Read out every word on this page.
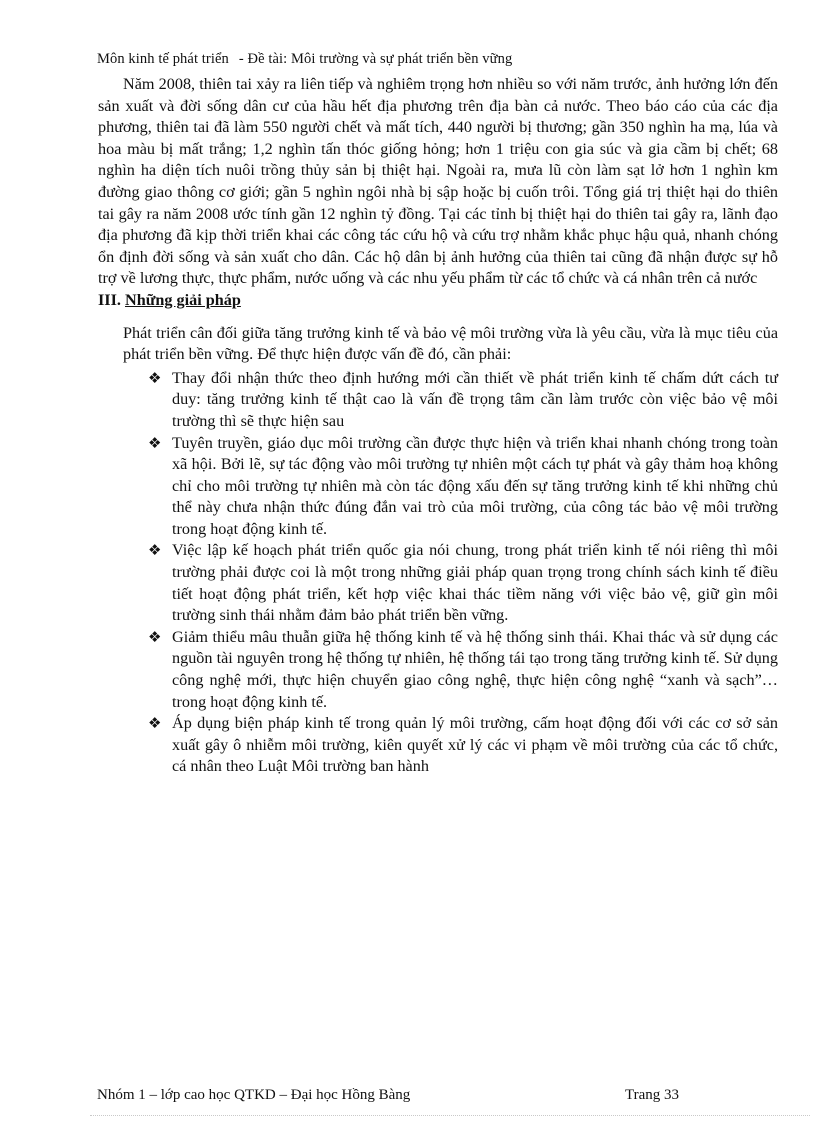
Môn kinh tế phát triển - Đề tài: Môi trường và sự phát triển bền vững

Năm 2008, thiên tai xảy ra liên tiếp và nghiêm trọng hơn nhiều so với năm trước, ảnh hưởng lớn đến sản xuất và đời sống dân cư của hầu hết địa phương trên địa bàn cả nước. Theo báo cáo của các địa phương, thiên tai đã làm 550 người chết và mất tích, 440 người bị thương; gần 350 nghìn ha mạ, lúa và hoa màu bị mất trắng; 1,2 nghìn tấn thóc giống hỏng; hơn 1 triệu con gia súc và gia cầm bị chết; 68 nghìn ha diện tích nuôi trồng thủy sản bị thiệt hại. Ngoài ra, mưa lũ còn làm sạt lở hơn 1 nghìn km đường giao thông cơ giới; gần 5 nghìn ngôi nhà bị sập hoặc bị cuốn trôi. Tổng giá trị thiệt hại do thiên tai gây ra năm 2008 ước tính gần 12 nghìn tỷ đồng. Tại các tỉnh bị thiệt hại do thiên tai gây ra, lãnh đạo địa phương đã kịp thời triển khai các công tác cứu hộ và cứu trợ nhằm khắc phục hậu quả, nhanh chóng ổn định đời sống và sản xuất cho dân. Các hộ dân bị ảnh hưởng của thiên tai cũng đã nhận được sự hỗ trợ về lương thực, thực phẩm, nước uống và các nhu yếu phẩm từ các tổ chức và cá nhân trên cả nước

III. Những giải pháp

Phát triển cân đối giữa tăng trưởng kinh tế và bảo vệ môi trường vừa là yêu cầu, vừa là mục tiêu của phát triển bền vững. Để thực hiện được vấn đề đó, cần phải:

❖ Thay đổi nhận thức theo định hướng mới cần thiết về phát triển kinh tế chấm dứt cách tư duy: tăng trưởng kinh tế thật cao là vấn đề trọng tâm cần làm trước còn việc bảo vệ môi trường thì sẽ thực hiện sau
❖ Tuyên truyền, giáo dục môi trường cần được thực hiện và triển khai nhanh chóng trong toàn xã hội. Bởi lẽ, sự tác động vào môi trường tự nhiên một cách tự phát và gây thảm hoạ không chỉ cho môi trường tự nhiên mà còn tác động xấu đến sự tăng trưởng kinh tế khi những chủ thể này chưa nhận thức đúng đắn vai trò của môi trường, của công tác bảo vệ môi trường trong hoạt động kinh tế.
❖ Việc lập kế hoạch phát triển quốc gia nói chung, trong phát triển kinh tế nói riêng thì môi trường phải được coi là một trong những giải pháp quan trọng trong chính sách kinh tế điều tiết hoạt động phát triển, kết hợp việc khai thác tiềm năng với việc bảo vệ, giữ gìn môi trường sinh thái nhằm đảm bảo phát triển bền vững.
❖ Giảm thiểu mâu thuẫn giữa hệ thống kinh tế và hệ thống sinh thái. Khai thác và sử dụng các nguồn tài nguyên trong hệ thống tự nhiên, hệ thống tái tạo trong tăng trưởng kinh tế. Sử dụng công nghệ mới, thực hiện chuyển giao công nghệ, thực hiện công nghệ “xanh và sạch”… trong hoạt động kinh tế.
❖ Áp dụng biện pháp kinh tế trong quản lý môi trường, cấm hoạt động đối với các cơ sở sản xuất gây ô nhiễm môi trường, kiên quyết xử lý các vi phạm về môi trường của các tổ chức, cá nhân theo Luật Môi trường ban hành
Nhóm 1 – lớp cao học QTKD – Đại học Hồng Bàng	Trang 33
